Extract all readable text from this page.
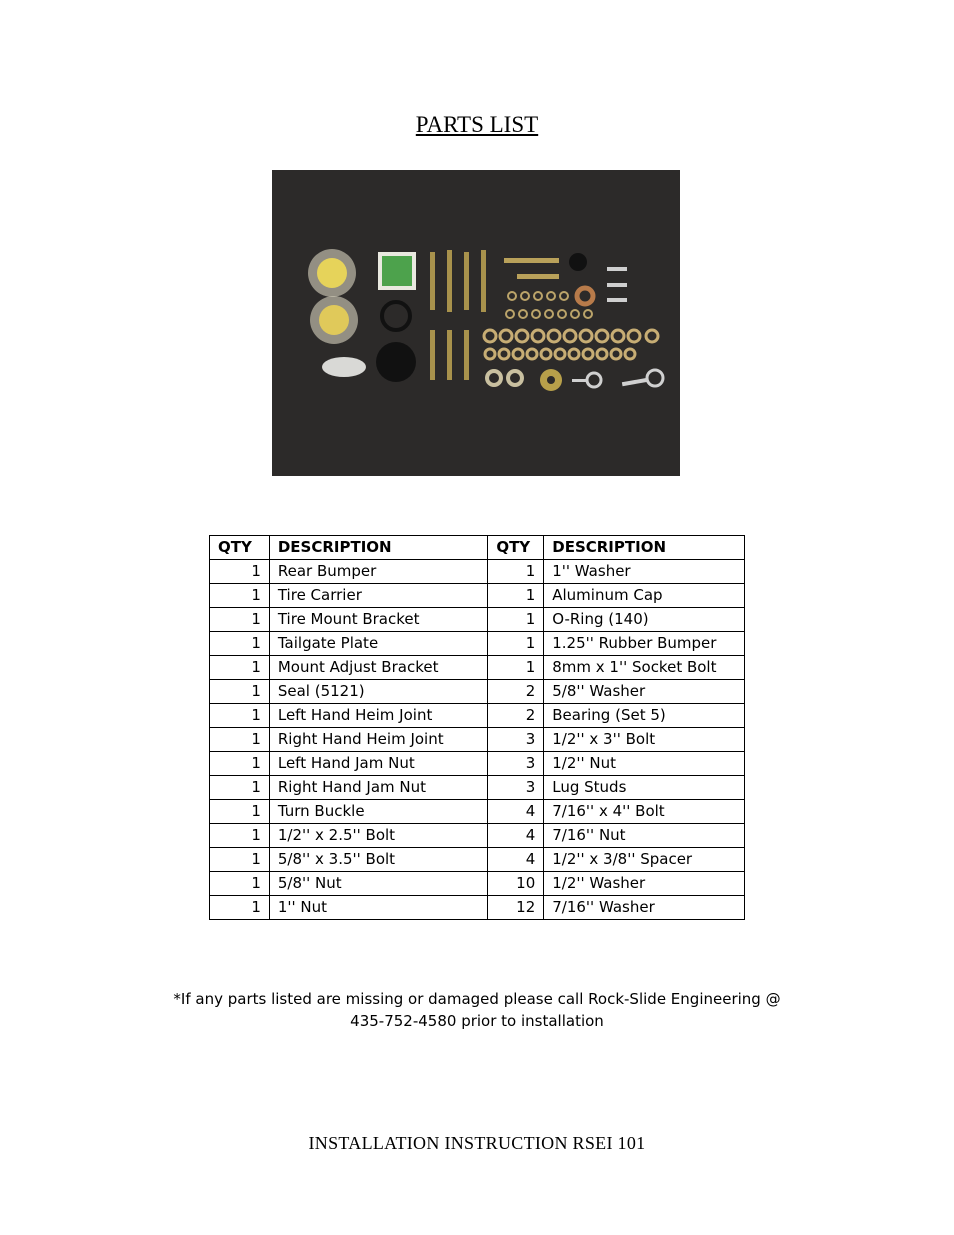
PARTS LIST
QTY	DESCRIPTION	QTY	DESCRIPTION
1	Rear Bumper	1	1'' Washer
1	Tire Carrier	1	Aluminum Cap
1	Tire Mount Bracket	1	O-Ring (140)
1	Tailgate Plate	1	1.25'' Rubber Bumper
1	Mount Adjust Bracket	1	8mm x 1'' Socket Bolt
1	Seal (5121)	2	5/8'' Washer
1	Left Hand Heim Joint	2	Bearing (Set 5)
1	Right Hand Heim Joint	3	1/2'' x 3'' Bolt
1	Left Hand Jam Nut	3	1/2'' Nut
1	Right Hand Jam Nut	3	Lug Studs
1	Turn Buckle	4	7/16'' x 4'' Bolt
1	1/2'' x 2.5'' Bolt	4	7/16'' Nut
1	5/8'' x 3.5'' Bolt	4	1/2'' x 3/8'' Spacer
1	5/8'' Nut	10	1/2'' Washer
1	1'' Nut	12	7/16'' Washer
*If any parts listed are missing or damaged please call Rock-Slide Engineering @
435-752-4580 prior to installation
INSTALLATION INSTRUCTION RSEI 101
